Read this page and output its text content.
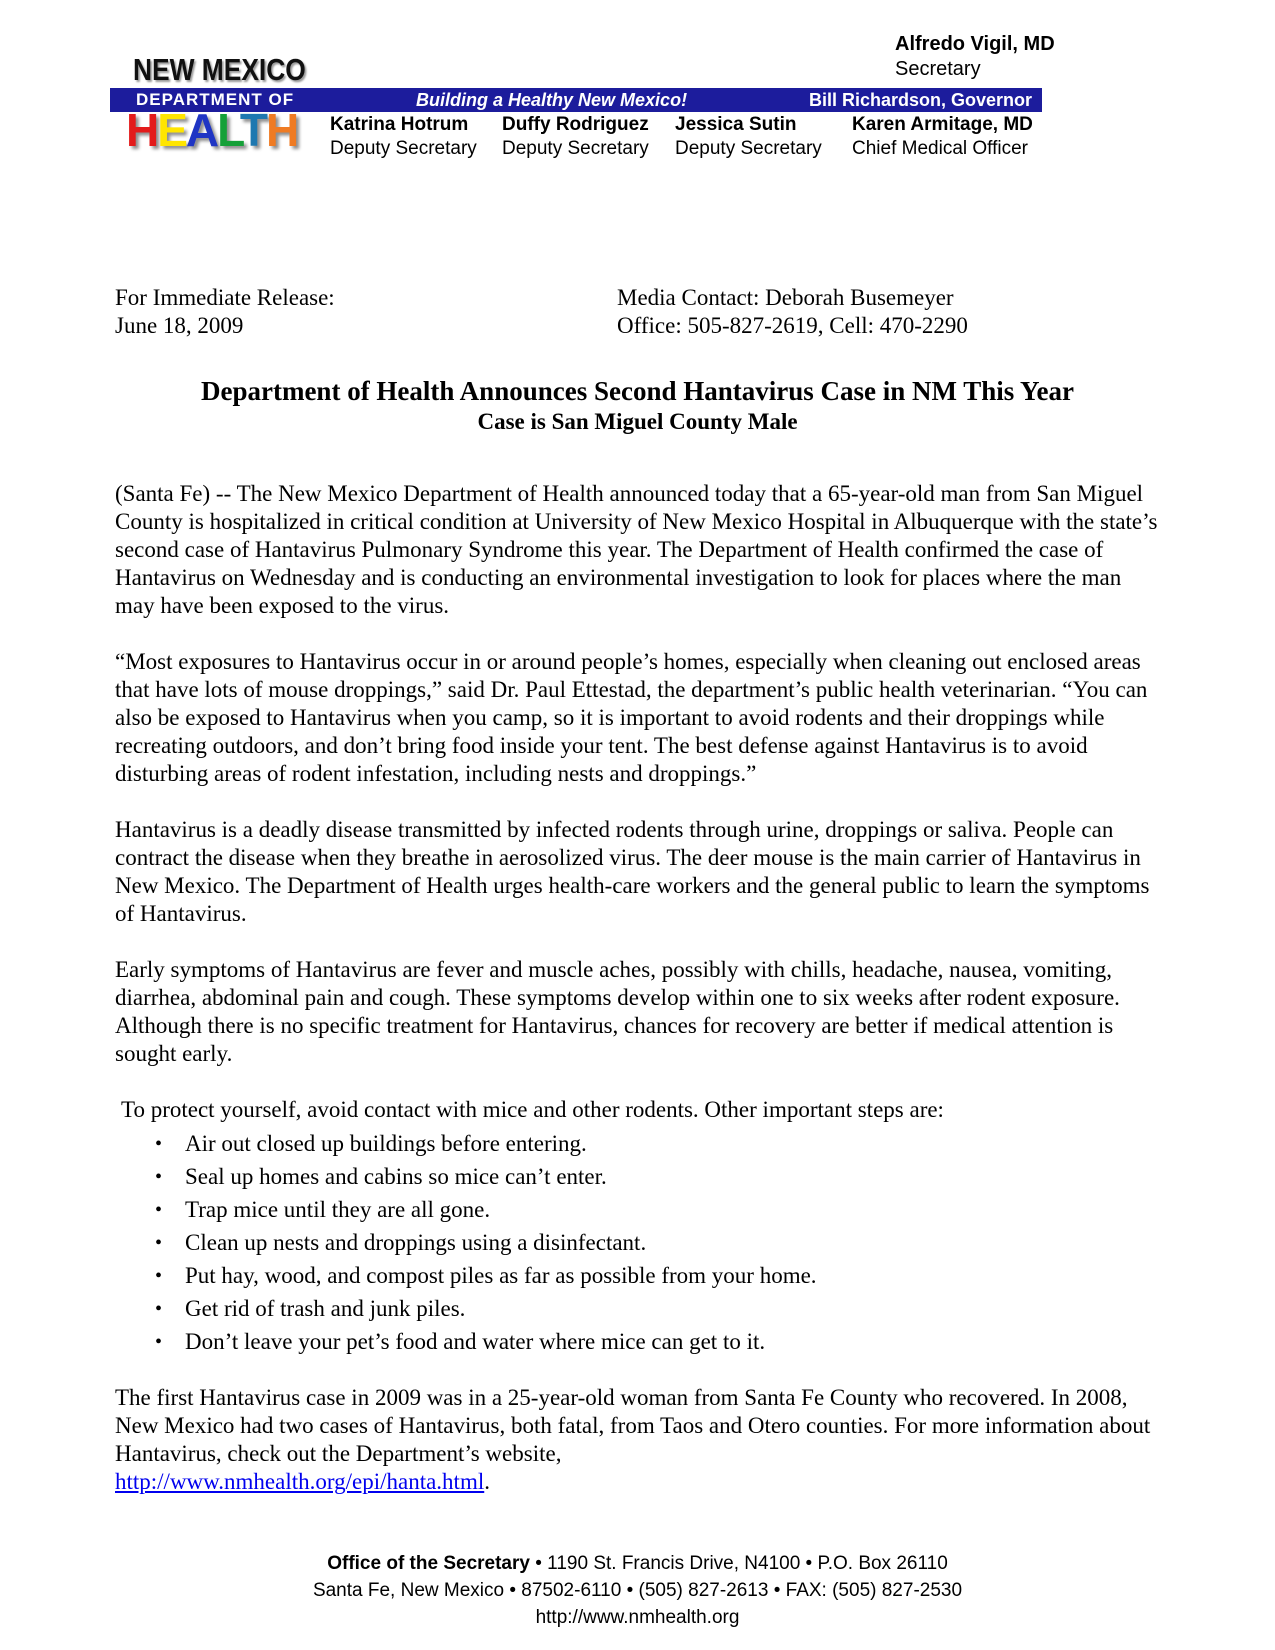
Alfredo Vigil, MD
Secretary
NEW MEXICO
DEPARTMENT OF	Building a Healthy New Mexico!	Bill Richardson, Governor
HEALTH Katrina Hotrum
Deputy Secretary
Duffy Rodriguez
Deputy Secretary
Jessica Sutin
Deputy Secretary
Karen Armitage, MD
Chief Medical Officer
For Immediate Release:
June 18, 2009
Media Contact: Deborah Busemeyer
Office: 505-827-2619, Cell: 470-2290
Department of Health Announces Second Hantavirus Case in NM This Year
Case is San Miguel County Male

(Santa Fe) -- The New Mexico Department of Health announced today that a 65-year-old man from San Miguel County is hospitalized in critical condition at University of New Mexico Hospital in Albuquerque with the state’s second case of Hantavirus Pulmonary Syndrome this year. The Department of Health confirmed the case of Hantavirus on Wednesday and is conducting an environmental investigation to look for places where the man may have been exposed to the virus.

“Most exposures to Hantavirus occur in or around people’s homes, especially when cleaning out enclosed areas that have lots of mouse droppings,” said Dr. Paul Ettestad, the department’s public health veterinarian. “You can also be exposed to Hantavirus when you camp, so it is important to avoid rodents and their droppings while recreating outdoors, and don’t bring food inside your tent. The best defense against Hantavirus is to avoid disturbing areas of rodent infestation, including nests and droppings.”

Hantavirus is a deadly disease transmitted by infected rodents through urine, droppings or saliva. People can contract the disease when they breathe in aerosolized virus. The deer mouse is the main carrier of Hantavirus in New Mexico. The Department of Health urges health-care workers and the general public to learn the symptoms of Hantavirus.

Early symptoms of Hantavirus are fever and muscle aches, possibly with chills, headache, nausea, vomiting, diarrhea, abdominal pain and cough. These symptoms develop within one to six weeks after rodent exposure. Although there is no specific treatment for Hantavirus, chances for recovery are better if medical attention is sought early.

To protect yourself, avoid contact with mice and other rodents. Other important steps are:

• Air out closed up buildings before entering.
• Seal up homes and cabins so mice can’t enter.
• Trap mice until they are all gone.
• Clean up nests and droppings using a disinfectant.
• Put hay, wood, and compost piles as far as possible from your home.
• Get rid of trash and junk piles.
• Don’t leave your pet’s food and water where mice can get to it.

The first Hantavirus case in 2009 was in a 25-year-old woman from Santa Fe County who recovered. In 2008, New Mexico had two cases of Hantavirus, both fatal, from Taos and Otero counties. For more information about Hantavirus, check out the Department’s website,
http://www.nmhealth.org/epi/hanta.html.

Office of the Secretary • 1190 St. Francis Drive, N4100 • P.O. Box 26110
Santa Fe, New Mexico • 87502-6110 • (505) 827-2613 • FAX: (505) 827-2530
http://www.nmhealth.org
